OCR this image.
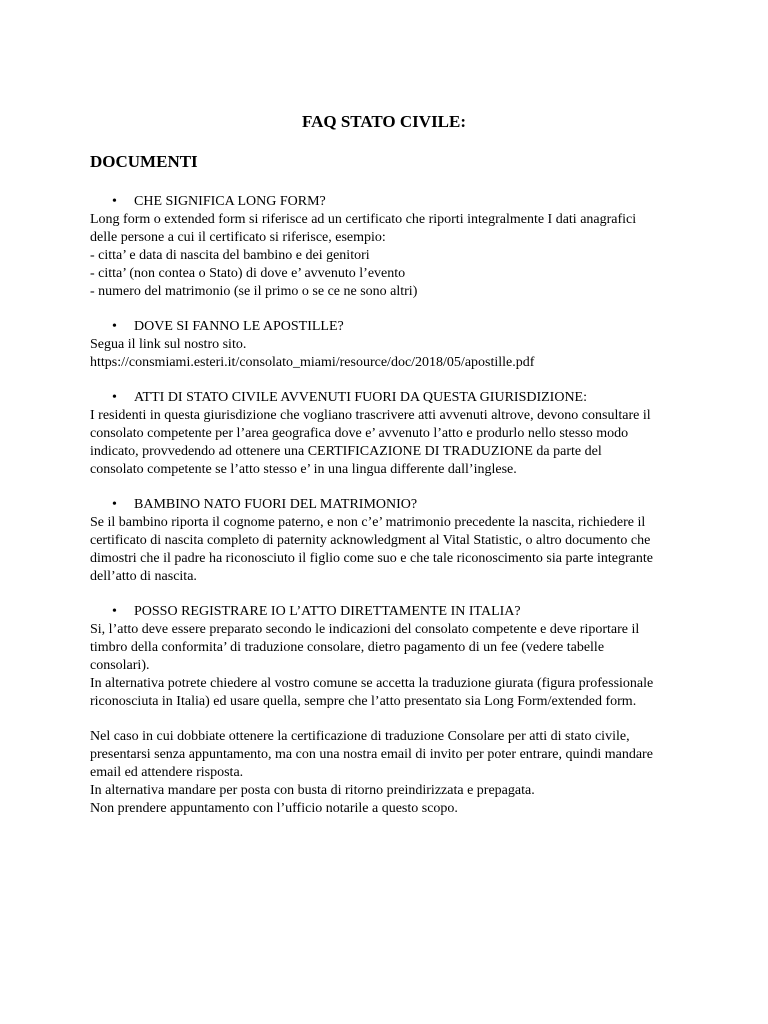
FAQ STATO CIVILE:
DOCUMENTI
• CHE SIGNIFICA LONG FORM?
Long form o extended form si riferisce ad un certificato che riporti integralmente I dati anagrafici
delle persone a cui il certificato si riferisce, esempio:
- citta’ e data di nascita del bambino e dei genitori
- citta’ (non contea o Stato) di dove e’ avvenuto l’evento
- numero del matrimonio (se il primo o se ce ne sono altri)
• DOVE SI FANNO LE APOSTILLE?
Segua il link sul nostro sito.
https://consmiami.esteri.it/consolato_miami/resource/doc/2018/05/apostille.pdf
• ATTI DI STATO CIVILE AVVENUTI FUORI DA QUESTA GIURISDIZIONE:
I residenti in questa giurisdizione che vogliano trascrivere atti avvenuti altrove, devono consultare il
consolato competente per l’area geografica dove e’ avvenuto l’atto e produrlo nello stesso modo
indicato, provvedendo ad ottenere una CERTIFICAZIONE DI TRADUZIONE da parte del
consolato competente se l’atto stesso e’ in una lingua differente dall’inglese.
• BAMBINO NATO FUORI DEL MATRIMONIO?
Se il bambino riporta il cognome paterno, e non c’e’ matrimonio precedente la nascita, richiedere il
certificato di nascita completo di paternity acknowledgment al Vital Statistic, o altro documento che
dimostri che il padre ha riconosciuto il figlio come suo e che tale riconoscimento sia parte integrante
dell’atto di nascita.
• POSSO REGISTRARE IO L’ATTO DIRETTAMENTE IN ITALIA?
Si, l’atto deve essere preparato secondo le indicazioni del consolato competente e deve riportare il
timbro della conformita’ di traduzione consolare, dietro pagamento di un fee (vedere tabelle
consolari).
In alternativa potrete chiedere al vostro comune se accetta la traduzione giurata (figura professionale
riconosciuta in Italia) ed usare quella, sempre che l’atto presentato sia Long Form/extended form.
Nel caso in cui dobbiate ottenere la certificazione di traduzione Consolare per atti di stato civile,
presentarsi senza appuntamento, ma con una nostra email di invito per poter entrare, quindi mandare
email ed attendere risposta.
In alternativa mandare per posta con busta di ritorno preindirizzata e prepagata.
Non prendere appuntamento con l’ufficio notarile a questo scopo.
